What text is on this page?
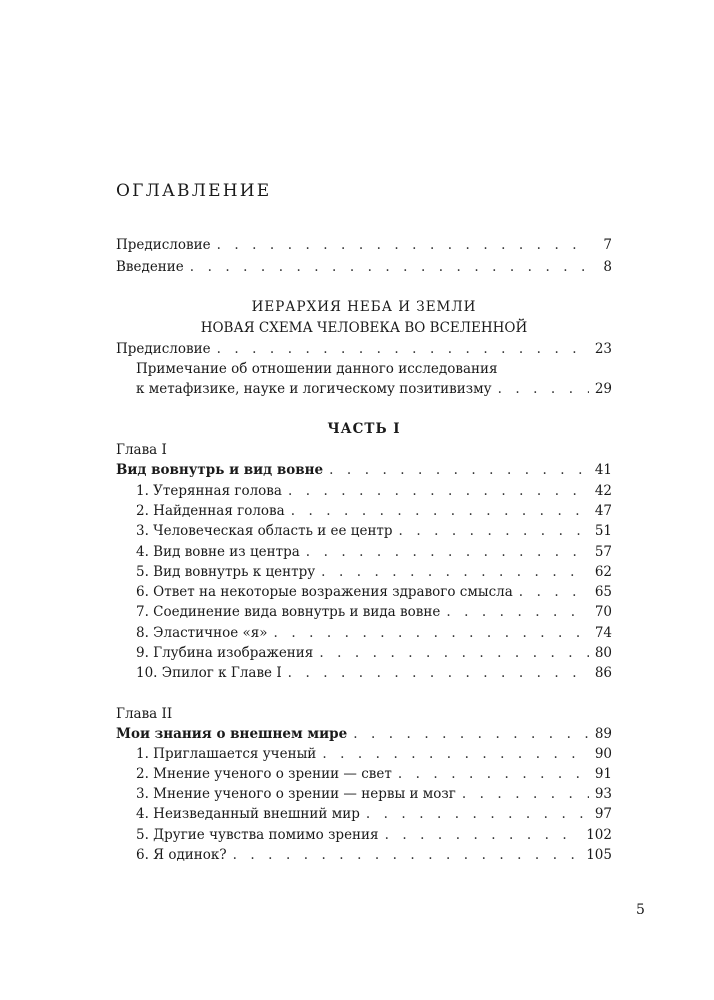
ОГЛАВЛЕНИЕ
Предисловие . . .	7
Введение . . .	8
ИЕРАРХИЯ НЕБА И ЗЕМЛИ
НОВАЯ СХЕМА ЧЕЛОВЕКА ВО ВСЕЛЕННОЙ
Предисловие . . .	23
Примечание об отношении данного исследования
к метафизике, науке и логическому позитивизму . . .	29
ЧАСТЬ I
Глава I
Вид вовнутрь и вид вовне . . .	41
1. Утерянная голова . . .	42
2. Найденная голова . . .	47
3. Человеческая область и ее центр . . .	51
4. Вид вовне из центра . . .	57
5. Вид вовнутрь к центру . . .	62
6. Ответ на некоторые возражения здравого смысла . . .	65
7. Соединение вида вовнутрь и вида вовне . . .	70
8. Эластичное «я» . . .	74
9. Глубина изображения . . .	80
10. Эпилог к Главе I . . .	86
Глава II
Мои знания о внешнем мире . . .	89
1. Приглашается ученый . . .	90
2. Мнение ученого о зрении — свет . . .	91
3. Мнение ученого о зрении — нервы и мозг . . .	93
4. Неизведанный внешний мир . . .	97
5. Другие чувства помимо зрения . . .	102
6. Я одинок? . . .	105
5
